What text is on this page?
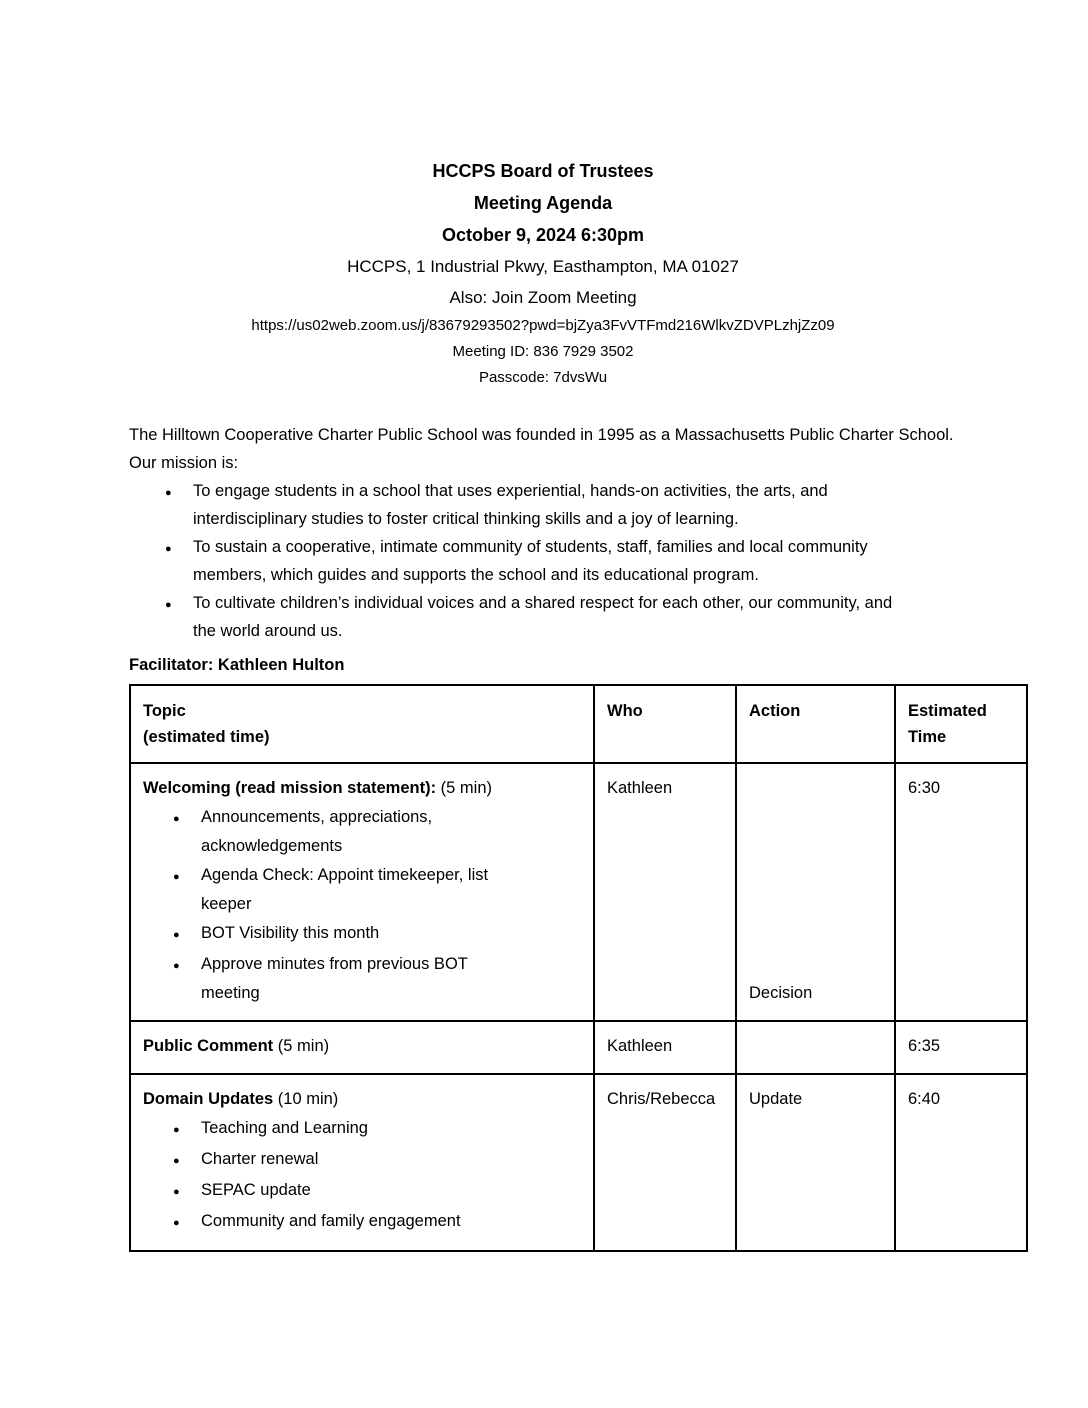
HCCPS Board of Trustees
Meeting Agenda
October 9, 2024 6:30pm
HCCPS, 1 Industrial Pkwy, Easthampton, MA 01027
Also: Join Zoom Meeting
https://us02web.zoom.us/j/83679293502?pwd=bjZya3FvVTFmd216WlkvZDVPLzhjZz09
Meeting ID: 836 7929 3502
Passcode: 7dvsWu

The Hilltown Cooperative Charter Public School was founded in 1995 as a Massachusetts Public Charter School. Our mission is:

●	To engage students in a school that uses experiential, hands-on activities, the arts, and interdisciplinary studies to foster critical thinking skills and a joy of learning.
●	To sustain a cooperative, intimate community of students, staff, families and local community members, which guides and supports the school and its educational program.
●	To cultivate children’s individual voices and a shared respect for each other, our community, and the world around us.

Facilitator: Kathleen Hulton

Topic
(estimated time)	Who	Action	Estimated Time

Welcoming (read mission statement): (5 min)
●	Announcements, appreciations, acknowledgements
●	Agenda Check: Appoint timekeeper, list keeper
●	BOT Visibility this month
●	Approve minutes from previous BOT meeting
	Kathleen	Decision	6:30

Public Comment (5 min)	Kathleen		6:35

Domain Updates (10 min)
●	Teaching and Learning
●	Charter renewal
●	SEPAC update
●	Community and family engagement
	Chris/Rebecca	Update	6:40
